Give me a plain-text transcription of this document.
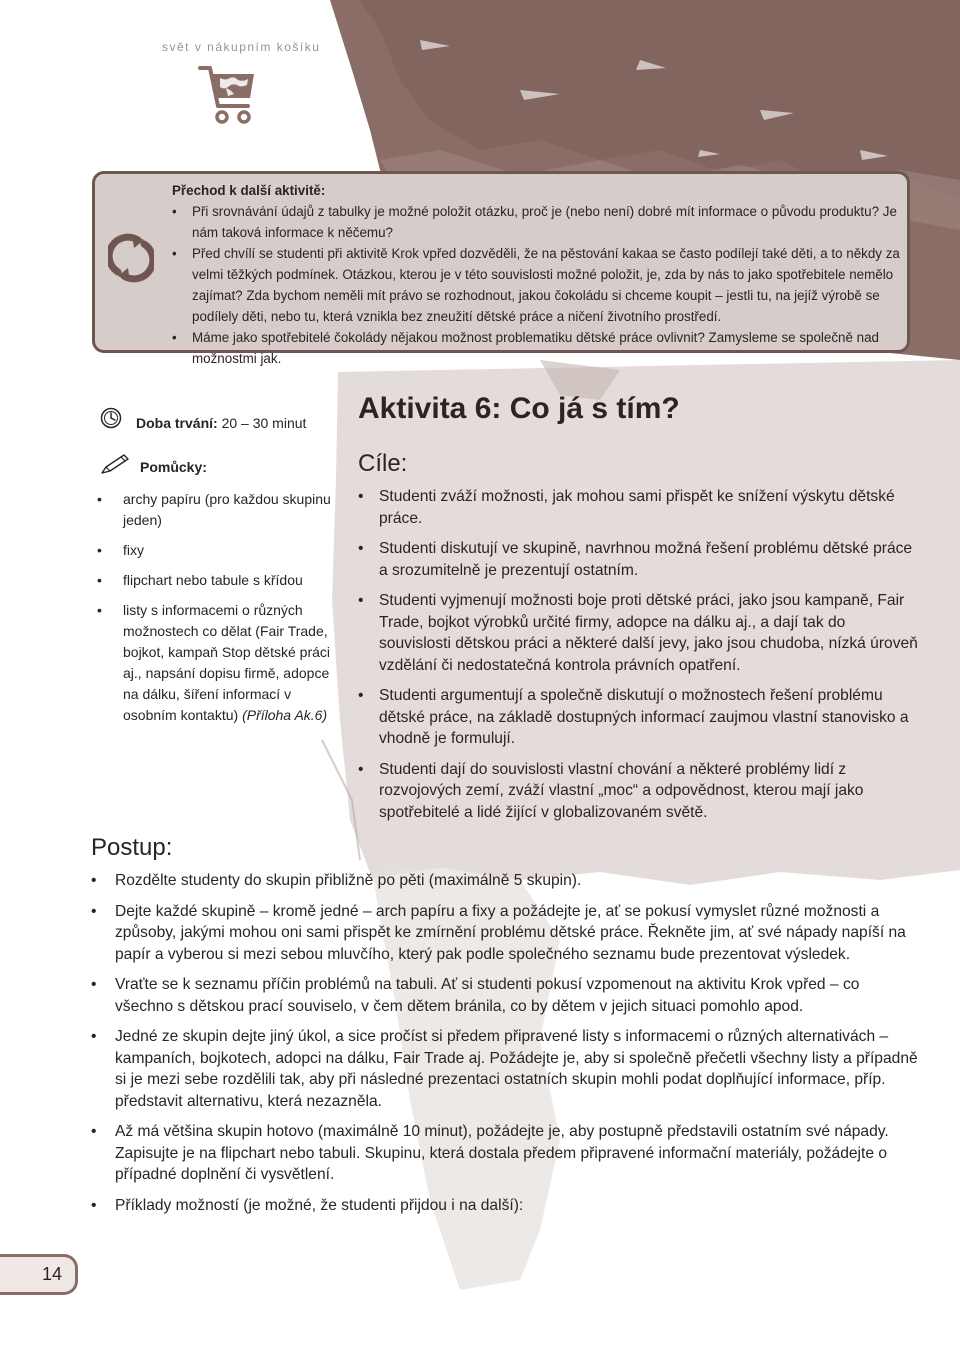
svět v nákupním košíku
Přechod k další aktivitě:
• Při srovnávání údajů z tabulky je možné položit otázku, proč je (nebo není) dobré mít informace o původu produktu? Je nám taková informace k něčemu?
• Před chvílí se studenti při aktivitě Krok vpřed dozvěděli, že na pěstování kakaa se často podílejí také děti, a to někdy za velmi těžkých podmínek. Otázkou, kterou je v této souvislosti možné položit, je, zda by nás to jako spotřebitele nemělo zajímat? Zda bychom neměli mít právo se rozhodnout, jakou čokoládu si chceme koupit – jestli tu, na jejíž výrobě se podílely děti, nebo tu, která vznikla bez zneužití dětské práce a ničení životního prostředí.
• Máme jako spotřebitelé čokolády nějakou možnost problematiku dětské práce ovlivnit? Zamysleme se společně nad možnostmi jak.
Doba trvání: 20 – 30 minut
Pomůcky:
• archy papíru (pro každou skupinu jeden)
• fixy
• flipchart nebo tabule s křídou
• listy s informacemi o různých možnostech co dělat (Fair Trade, bojkot, kampaň Stop dětské práci aj., napsání dopisu firmě, adopce na dálku, šíření informací v osobním kontaktu) (Příloha Ak.6)
Aktivita 6: Co já s tím?
Cíle:
• Studenti zváží možnosti, jak mohou sami přispět ke snížení výskytu dětské práce.
• Studenti diskutují ve skupině, navrhnou možná řešení problému dětské práce a srozumitelně je prezentují ostatním.
• Studenti vyjmenují možnosti boje proti dětské práci, jako jsou kampaně, Fair Trade, bojkot výrobků určité firmy, adopce na dálku aj., a dají tak do souvislosti dětskou práci a některé další jevy, jako jsou chudoba, nízká úroveň vzdělání či nedostatečná kontrola právních opatření.
• Studenti argumentují a společně diskutují o možnostech řešení problému dětské práce, na základě dostupných informací zaujmou vlastní stanovisko a vhodně je formulují.
• Studenti dají do souvislosti vlastní chování a některé problémy lidí z rozvojových zemí, zváží vlastní „moc“ a odpovědnost, kterou mají jako spotřebitelé a lidé žijící v globalizovaném světě.
Postup:
• Rozdělte studenty do skupin přibližně po pěti (maximálně 5 skupin).
• Dejte každé skupině – kromě jedné – arch papíru a fixy a požádejte je, ať se pokusí vymyslet různé možnosti a způsoby, jakými mohou oni sami přispět ke zmírnění problému dětské práce. Řekněte jim, ať své nápady napíší na papír a vyberou si mezi sebou mluvčího, který pak podle společného seznamu bude prezentovat výsledek.
• Vraťte se k seznamu příčin problémů na tabuli. Ať si studenti pokusí vzpomenout na aktivitu Krok vpřed – co všechno s dětskou prací souviselo, v čem dětem bránila, co by dětem v jejich situaci pomohlo apod.
• Jedné ze skupin dejte jiný úkol, a sice pročíst si předem připravené listy s informacemi o různých alternativách – kampaních, bojkotech, adopci na dálku, Fair Trade aj. Požádejte je, aby si společně přečetli všechny listy a případně si je mezi sebe rozdělili tak, aby při následné prezentaci ostatních skupin mohli podat doplňující informace, příp. představit alternativu, která nezazněla.
• Až má většina skupin hotovo (maximálně 10 minut), požádejte je, aby postupně představili ostatním své nápady. Zapisujte je na flipchart nebo tabuli. Skupinu, která dostala předem připravené informační materiály, požádejte o případné doplnění či vysvětlení.
• Příklady možností (je možné, že studenti přijdou i na další):
14
